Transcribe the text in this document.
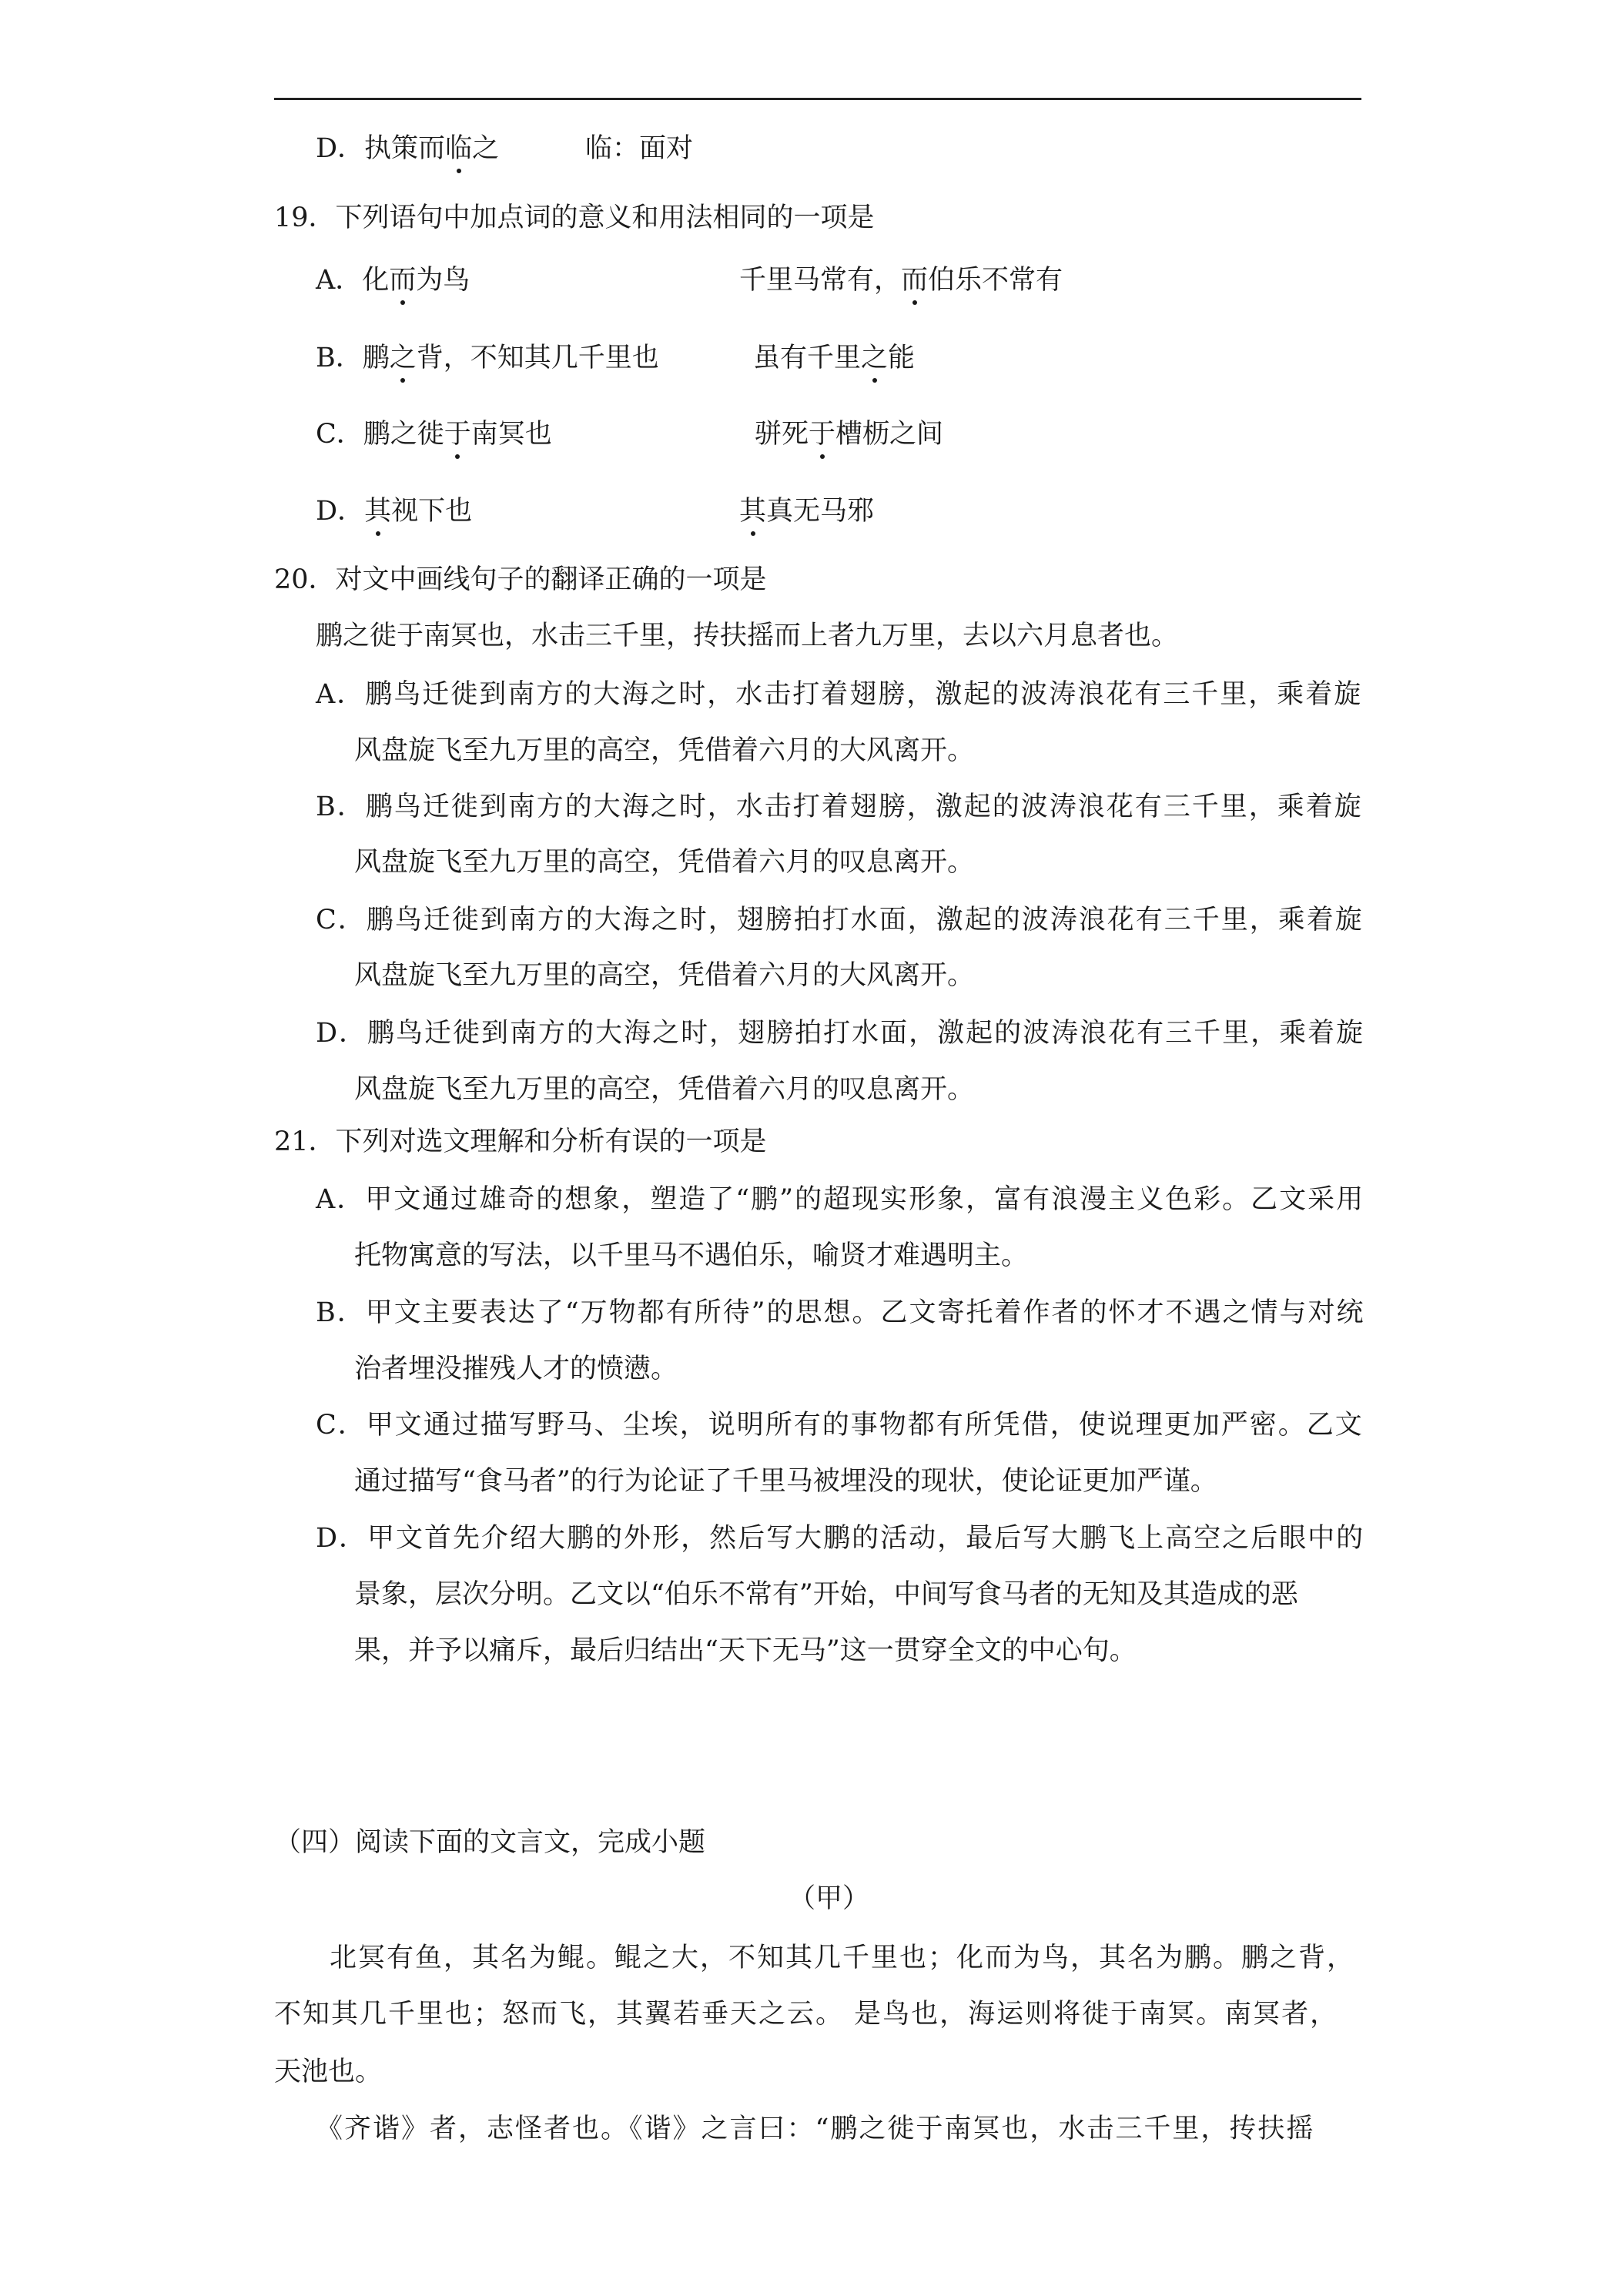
D．执策而临之	临：面对
19．下列语句中加点词的意义和用法相同的一项是
A．化而为鸟	千里马常有，而伯乐不常有
B．鹏之背，不知其几千里也	虽有千里之能
C．鹏之徙于南冥也	骈死于槽枥之间
D．其视下也	其真无马邪
20．对文中画线句子的翻译正确的一项是
鹏之徙于南冥也，水击三千里，抟扶摇而上者九万里，去以六月息者也。
A．鹏鸟迁徙到南方的大海之时，水击打着翅膀，激起的波涛浪花有三千里，乘着旋
风盘旋飞至九万里的高空，凭借着六月的大风离开。
B．鹏鸟迁徙到南方的大海之时，水击打着翅膀，激起的波涛浪花有三千里，乘着旋
风盘旋飞至九万里的高空，凭借着六月的叹息离开。
C．鹏鸟迁徙到南方的大海之时，翅膀拍打水面，激起的波涛浪花有三千里，乘着旋
风盘旋飞至九万里的高空，凭借着六月的大风离开。
D．鹏鸟迁徙到南方的大海之时，翅膀拍打水面，激起的波涛浪花有三千里，乘着旋
风盘旋飞至九万里的高空，凭借着六月的叹息离开。
21．下列对选文理解和分析有误的一项是
A．甲文通过雄奇的想象，塑造了“鹏”的超现实形象，富有浪漫主义色彩。乙文采用
托物寓意的写法，以千里马不遇伯乐，喻贤才难遇明主。
B．甲文主要表达了“万物都有所待”的思想。乙文寄托着作者的怀才不遇之情与对统
治者埋没摧残人才的愤懑。
C．甲文通过描写野马、尘埃，说明所有的事物都有所凭借，使说理更加严密。乙文
通过描写“食马者”的行为论证了千里马被埋没的现状，使论证更加严谨。
D．甲文首先介绍大鹏的外形，然后写大鹏的活动，最后写大鹏飞上高空之后眼中的
景象，层次分明。乙文以“伯乐不常有”开始，中间写食马者的无知及其造成的恶
果，并予以痛斥，最后归结出“天下无马”这一贯穿全文的中心句。
（四）阅读下面的文言文，完成小题
（甲）
北冥有鱼，其名为鲲。鲲之大，不知其几千里也；化而为鸟，其名为鹏。鹏之背，
不知其几千里也；怒而飞，其翼若垂天之云。 是鸟也，海运则将徙于南冥。南冥者，
天池也。
《齐谐》者，志怪者也。《谐》之言曰：“鹏之徙于南冥也，水击三千里，抟扶摇
